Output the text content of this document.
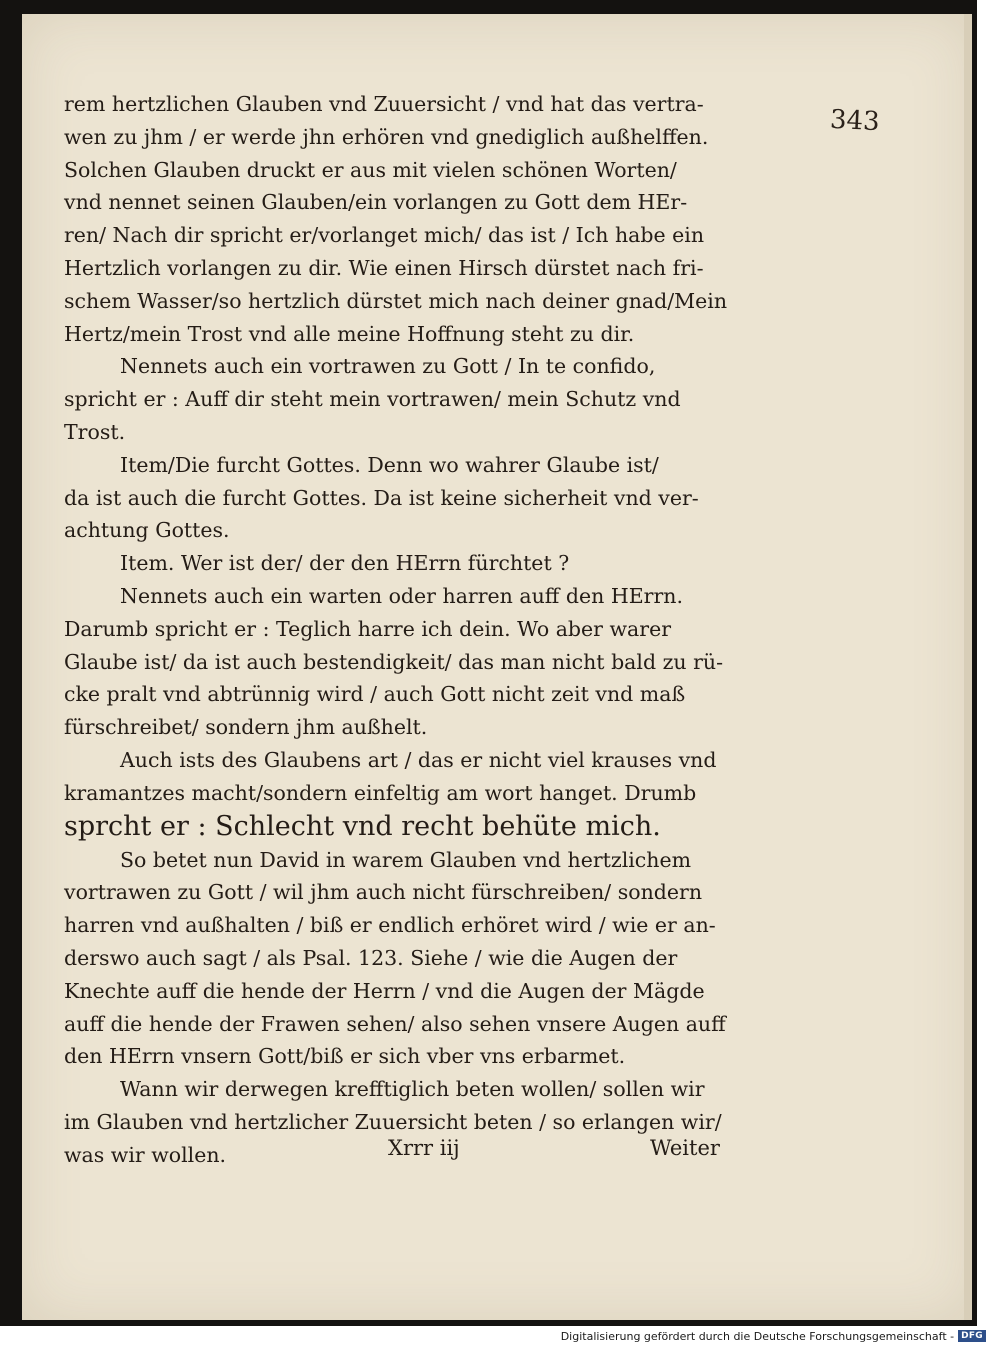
343
rem hertzlichen Glauben vnd Zuuersicht / vnd hat das vertra-
wen zu jhm / er werde jhn erhören vnd gnediglich außhelffen.
Solchen Glauben druckt er aus mit vielen schönen Worten/
vnd nennet seinen Glauben/ein vorlangen zu Gott dem HEr-
ren/ Nach dir spricht er/vorlanget mich/ das ist / Ich habe ein
Hertzlich vorlangen zu dir. Wie einen Hirsch dürstet nach fri-
schem Wasser/so hertzlich dürstet mich nach deiner gnad/Mein
Hertz/mein Trost vnd alle meine Hoffnung steht zu dir.
Nennets auch ein vortrawen zu Gott / In te confido,
spricht er : Auff dir steht mein vortrawen/ mein Schutz vnd
Trost.
Item/Die furcht Gottes. Denn wo wahrer Glaube ist/
da ist auch die furcht Gottes. Da ist keine sicherheit vnd ver-
achtung Gottes.
Item. Wer ist der/ der den HErrn fürchtet ?
Nennets auch ein warten oder harren auff den HErrn.
Darumb spricht er : Teglich harre ich dein. Wo aber warer
Glaube ist/ da ist auch bestendigkeit/ das man nicht bald zu rü-
cke pralt vnd abtrünnig wird / auch Gott nicht zeit vnd maß
fürschreibet/ sondern jhm außhelt.
Auch ists des Glaubens art / das er nicht viel krauses vnd
kramantzes macht/sondern einfeltig am wort hanget. Drumb
sprcht er : Schlecht vnd recht behüte mich.
So betet nun David in warem Glauben vnd hertzlichem
vortrawen zu Gott / wil jhm auch nicht fürschreiben/ sondern
harren vnd außhalten / biß er endlich erhöret wird / wie er an-
derswo auch sagt / als Psal. 123. Siehe / wie die Augen der
Knechte auff die hende der Herrn / vnd die Augen der Mägde
auff die hende der Frawen sehen/ also sehen vnsere Augen auff
den HErrn vnsern Gott/biß er sich vber vns erbarmet.
Wann wir derwegen krefftiglich beten wollen/ sollen wir
im Glauben vnd hertzlicher Zuuersicht beten / so erlangen wir/
was wir wollen.	Xrrr iij	Weiter
Digitalisierung gefördert durch die Deutsche Forschungsgemeinschaft - DFG
